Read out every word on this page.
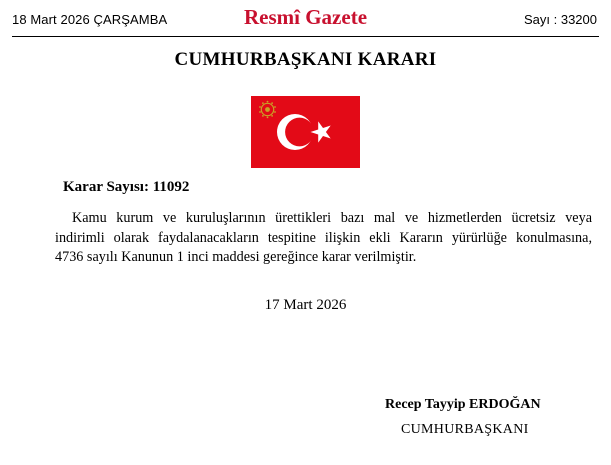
18 Mart 2026 ÇARŞAMBA	Resmî Gazete	Sayı : 33200
CUMHURBAŞKANI KARARI
Karar Sayısı: 11092
Kamu kurum ve kuruluşlarının ürettikleri bazı mal ve hizmetlerden ücretsiz veya
indirimli olarak faydalanacakların tespitine ilişkin ekli Kararın yürürlüğe konulmasına,
4736 sayılı Kanunun 1 inci maddesi gereğince karar verilmiştir.
17 Mart 2026
Recep Tayyip ERDOĞAN
CUMHURBAŞKANI
